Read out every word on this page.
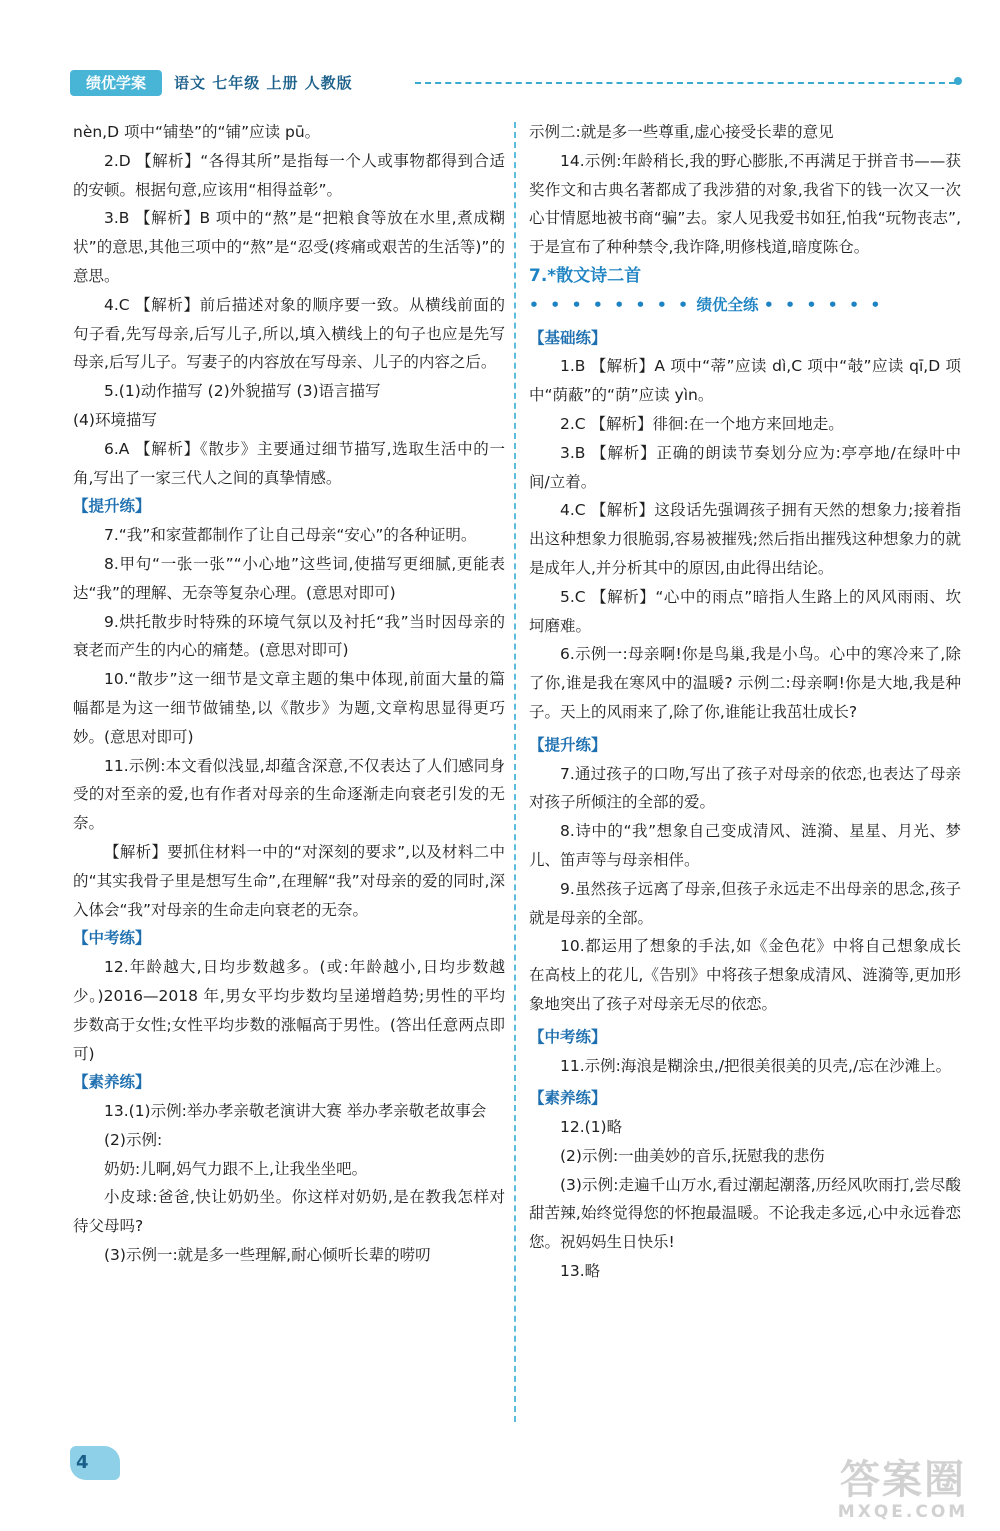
绩优学案	语文 七年级 上册 人教版

nèn,D 项中“铺垫”的“铺”应读 pū。

2.D 【解析】“各得其所”是指每一个人或事物都得到合适的安顿。根据句意,应该用“相得益彰”。

3.B 【解析】B 项中的“熬”是“把粮食等放在水里,煮成糊状”的意思,其他三项中的“熬”是“忍受(疼痛或艰苦的生活等)”的意思。

4.C 【解析】前后描述对象的顺序要一致。从横线前面的句子看,先写母亲,后写儿子,所以,填入横线上的句子也应是先写母亲,后写儿子。写妻子的内容放在写母亲、儿子的内容之后。

5.(1)动作描写 (2)外貌描写 (3)语言描写

(4)环境描写

6.A 【解析】《散步》主要通过细节描写,选取生活中的一角,写出了一家三代人之间的真挚情感。

【提升练】

7.“我”和家萱都制作了让自己母亲“安心”的各种证明。

8.甲句“一张一张”“小心地”这些词,使描写更细腻,更能表达“我”的理解、无奈等复杂心理。(意思对即可)

9.烘托散步时特殊的环境气氛以及衬托“我”当时因母亲的衰老而产生的内心的痛楚。(意思对即可)

10.“散步”这一细节是文章主题的集中体现,前面大量的篇幅都是为这一细节做铺垫,以《散步》为题,文章构思显得更巧妙。(意思对即可)

11.示例:本文看似浅显,却蕴含深意,不仅表达了人们感同身受的对至亲的爱,也有作者对母亲的生命逐渐走向衰老引发的无奈。

【解析】要抓住材料一中的“对深刻的要求”,以及材料二中的“其实我骨子里是想写生命”,在理解“我”对母亲的爱的同时,深入体会“我”对母亲的生命走向衰老的无奈。

【中考练】

12.年龄越大,日均步数越多。(或:年龄越小,日均步数越少。)2016—2018 年,男女平均步数均呈递增趋势;男性的平均步数高于女性;女性平均步数的涨幅高于男性。(答出任意两点即可)

【素养练】

13.(1)示例:举办孝亲敬老演讲大赛 举办孝亲敬老故事会

(2)示例:

奶奶:儿啊,妈气力跟不上,让我坐坐吧。

小皮球:爸爸,快让奶奶坐。你这样对奶奶,是在教我怎样对待父母吗?

(3)示例一:就是多一些理解,耐心倾听长辈的唠叨

示例二:就是多一些尊重,虚心接受长辈的意见

14.示例:年龄稍长,我的野心膨胀,不再满足于拼音书——获奖作文和古典名著都成了我涉猎的对象,我省下的钱一次又一次心甘情愿地被书商“骗”去。家人见我爱书如狂,怕我“玩物丧志”,于是宣布了种种禁令,我诈降,明修栈道,暗度陈仓。

7.*散文诗二首

• • • • • • • • 绩优全练 • • • • • •

【基础练】

1.B 【解析】A 项中“蒂”应读 dì,C 项中“攲”应读 qī,D 项中“荫蔽”的“荫”应读 yìn。

2.C 【解析】徘徊:在一个地方来回地走。

3.B 【解析】正确的朗读节奏划分应为:亭亭地/在绿叶中间/立着。

4.C 【解析】这段话先强调孩子拥有天然的想象力;接着指出这种想象力很脆弱,容易被摧残;然后指出摧残这种想象力的就是成年人,并分析其中的原因,由此得出结论。

5.C 【解析】“心中的雨点”暗指人生路上的风风雨雨、坎坷磨难。

6.示例一:母亲啊!你是鸟巢,我是小鸟。心中的寒冷来了,除了你,谁是我在寒风中的温暖? 示例二:母亲啊!你是大地,我是种子。天上的风雨来了,除了你,谁能让我茁壮成长?

【提升练】

7.通过孩子的口吻,写出了孩子对母亲的依恋,也表达了母亲对孩子所倾注的全部的爱。

8.诗中的“我”想象自己变成清风、涟漪、星星、月光、梦儿、笛声等与母亲相伴。

9.虽然孩子远离了母亲,但孩子永远走不出母亲的思念,孩子就是母亲的全部。

10.都运用了想象的手法,如《金色花》中将自己想象成长在高枝上的花儿,《告别》中将孩子想象成清风、涟漪等,更加形象地突出了孩子对母亲无尽的依恋。

【中考练】

11.示例:海浪是糊涂虫,/把很美很美的贝壳,/忘在沙滩上。

【素养练】

12.(1)略

(2)示例:一曲美妙的音乐,抚慰我的悲伤

(3)示例:走遍千山万水,看过潮起潮落,历经风吹雨打,尝尽酸甜苦辣,始终觉得您的怀抱最温暖。不论我走多远,心中永远眷恋您。祝妈妈生日快乐!

13.略

4	答案圈
MXQE.COM
